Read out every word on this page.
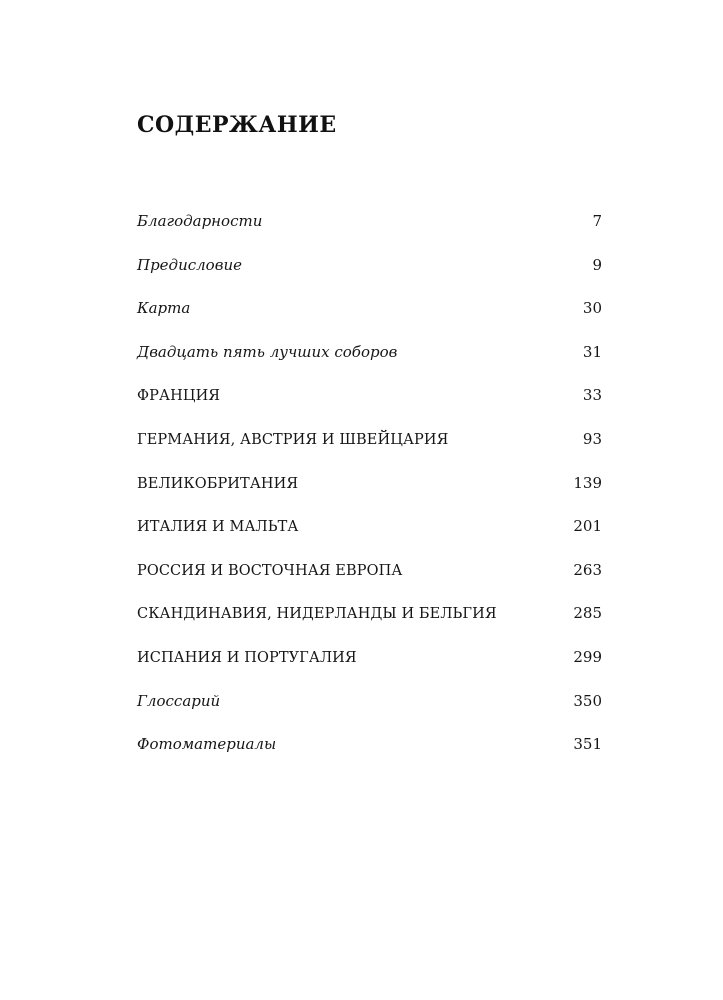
СОДЕРЖАНИЕ
Благодарности	7
Предисловие	9
Карта	30
Двадцать пять лучших соборов	31
ФРАНЦИЯ	33
ГЕРМАНИЯ, АВСТРИЯ И ШВЕЙЦАРИЯ	93
ВЕЛИКОБРИТАНИЯ	139
ИТАЛИЯ И МАЛЬТА	201
РОССИЯ И ВОСТОЧНАЯ ЕВРОПА	263
СКАНДИНАВИЯ, НИДЕРЛАНДЫ И БЕЛЬГИЯ	285
ИСПАНИЯ И ПОРТУГАЛИЯ	299
Глоссарий	350
Фотоматериалы	351
